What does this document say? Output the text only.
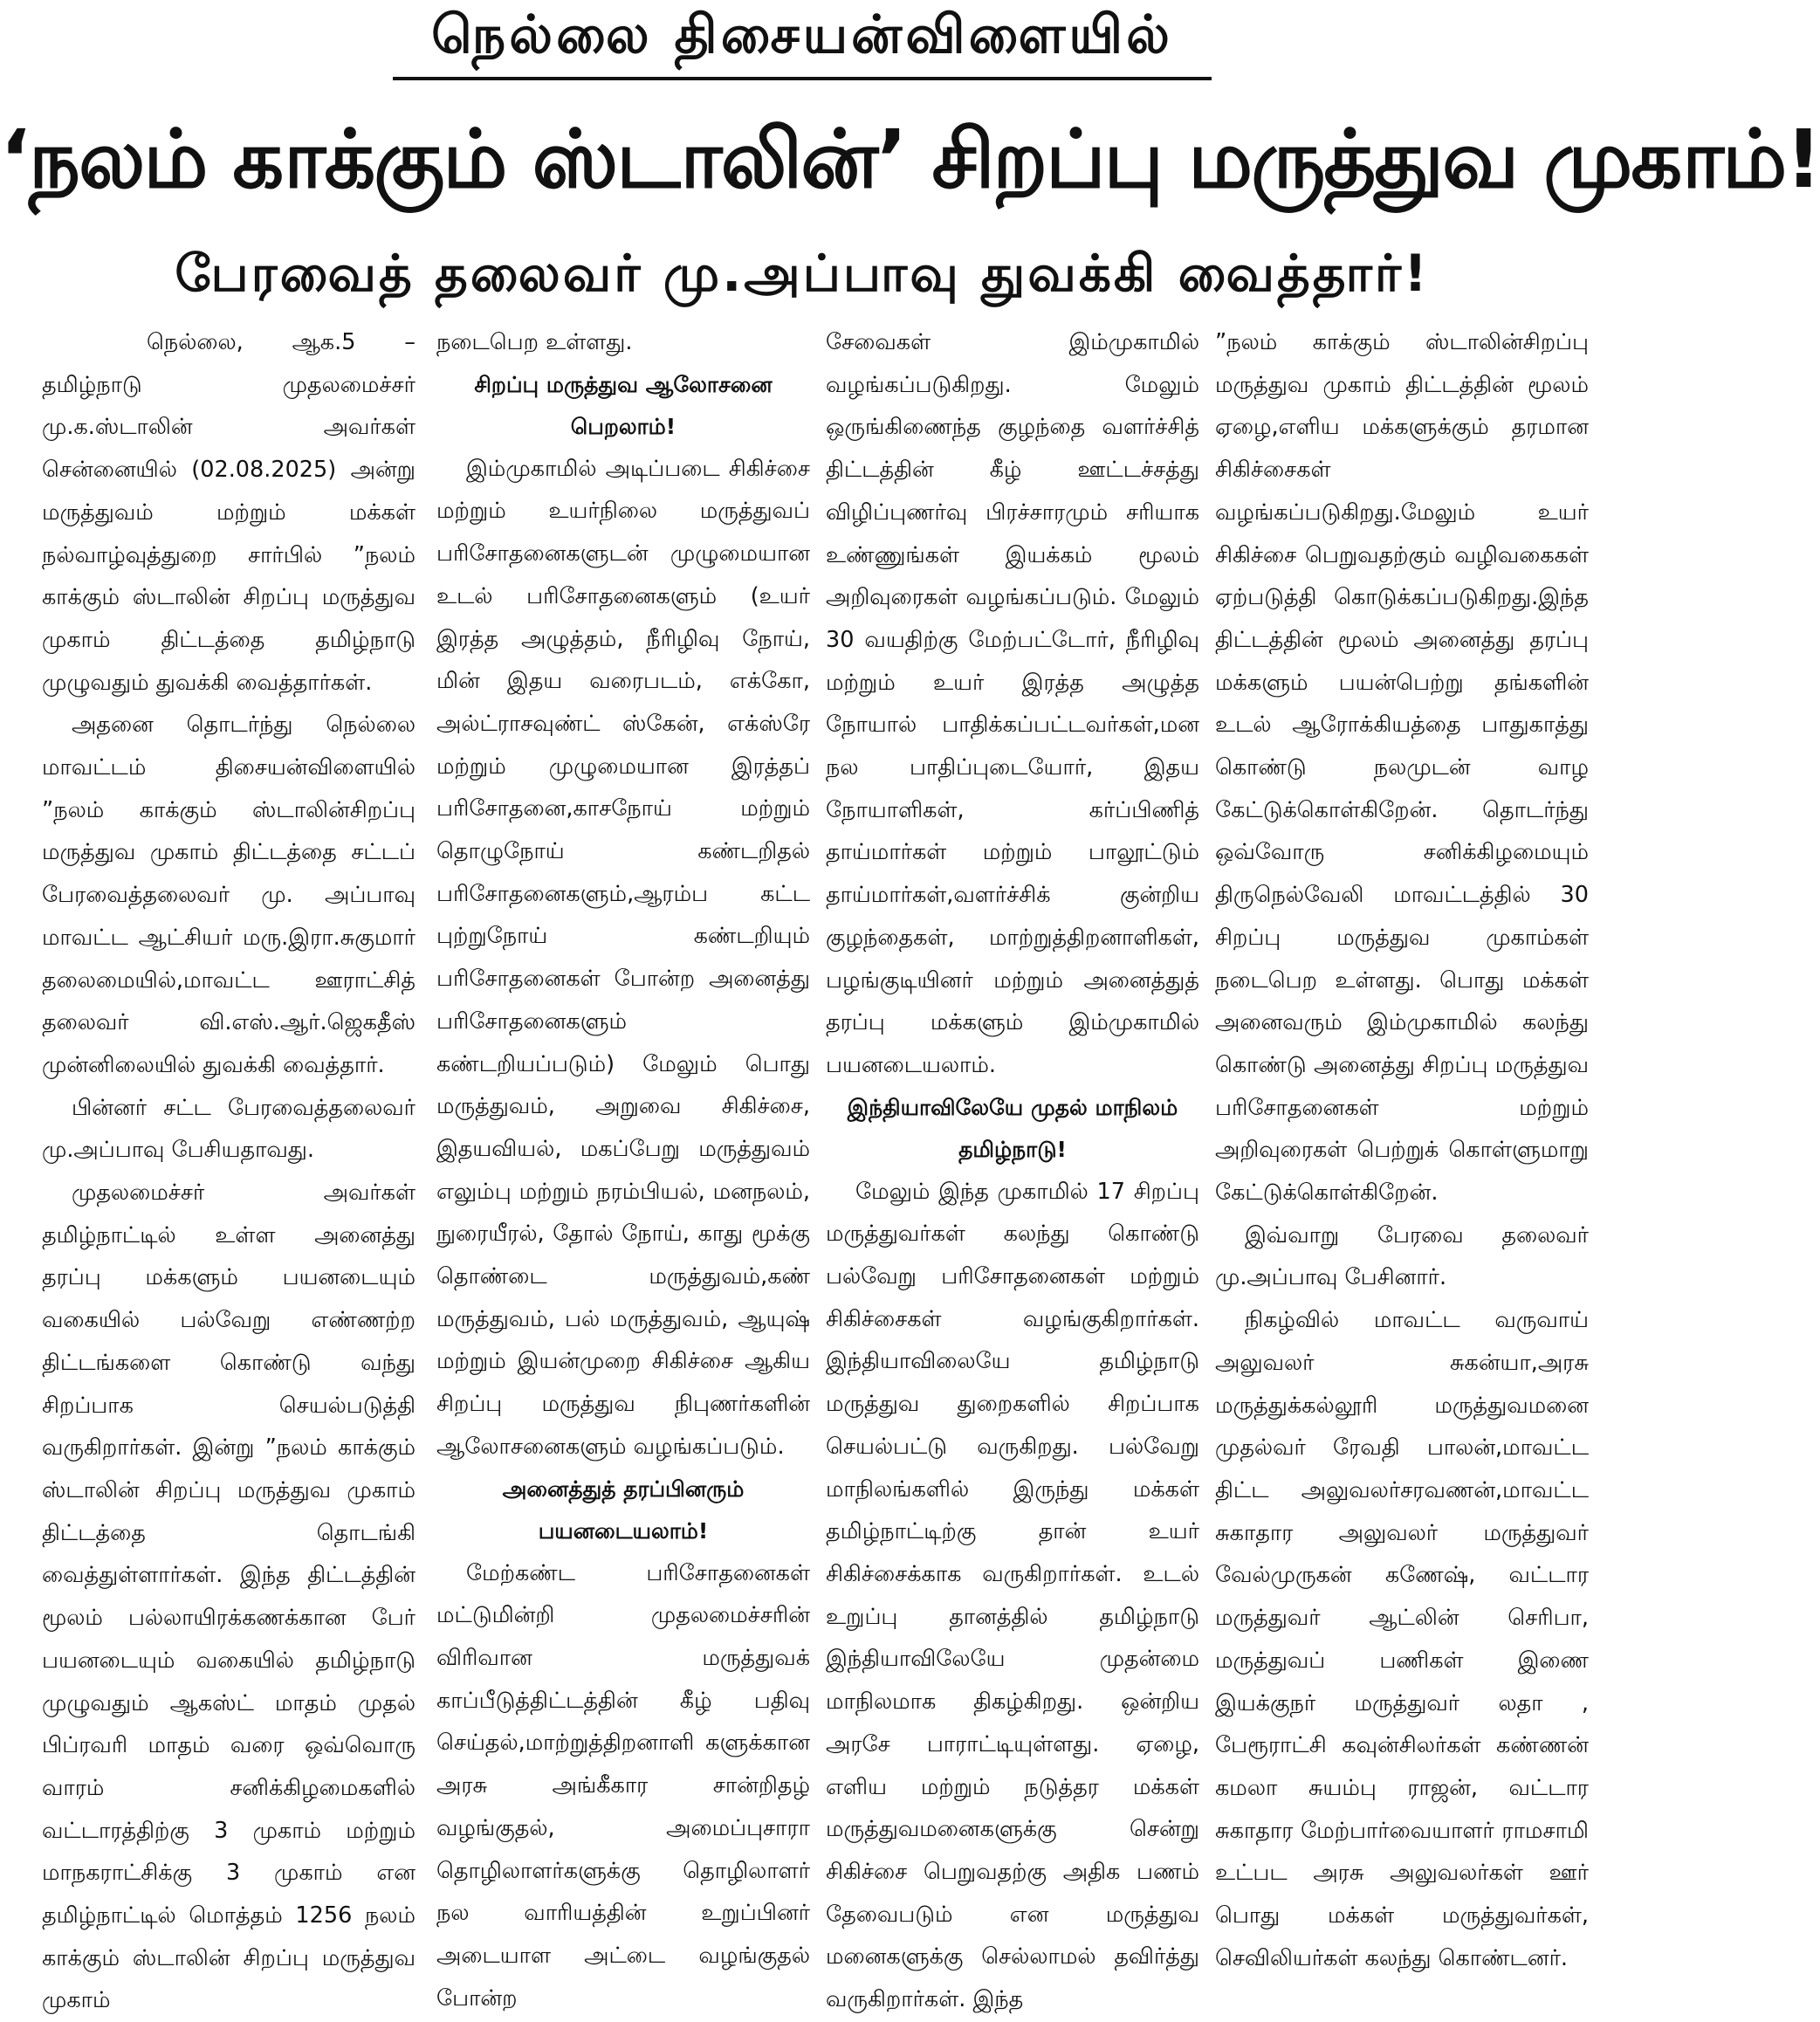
நெல்லை திசையன்விளையில்
‘நலம் காக்கும் ஸ்டாலின்’ சிறப்பு மருத்துவ முகாம்!
பேரவைத் தலைவர் மு.அப்பாவு துவக்கி வைத்தார்!

நெல்லை, ஆக.5 – தமிழ்நாடு முதலமைச்சர் மு.க.ஸ்டாலின் அவர்கள் சென்னையில் (02.08.2025) அன்று மருத்துவம் மற்றும் மக்கள் நல்வாழ்வுத்துறை சார்பில் ”நலம் காக்கும் ஸ்டாலின் சிறப்பு மருத்துவ முகாம் திட்டத்தை தமிழ்நாடு முழுவதும் துவக்கி வைத்தார்கள்.

அதனை தொடர்ந்து நெல்லை மாவட்டம் திசையன்விளையில் ”நலம் காக்கும் ஸ்டாலின்சிறப்பு மருத்துவ முகாம் திட்டத்தை சட்டப் பேரவைத்தலைவர் மு. அப்பாவு மாவட்ட ஆட்சியர் மரு.இரா.சுகுமார் தலைமையில்,மாவட்ட ஊராட்சித் தலைவர் வி.எஸ்.ஆர்.ஜெகதீஸ் முன்னிலையில் துவக்கி வைத்தார்.

பின்னர் சட்ட பேரவைத்தலைவர் மு.அப்பாவு பேசியதாவது.

முதலமைச்சர் அவர்கள் தமிழ்நாட்டில் உள்ள அனைத்து தரப்பு மக்களும் பயனடையும் வகையில் பல்வேறு எண்ணற்ற திட்டங்களை கொண்டு வந்து சிறப்பாக செயல்படுத்தி வருகிறார்கள். இன்று ”நலம் காக்கும் ஸ்டாலின் சிறப்பு மருத்துவ முகாம் திட்டத்தை தொடங்கி வைத்துள்ளார்கள். இந்த திட்டத்தின் மூலம் பல்லாயிரக்கணக்கான பேர் பயனடையும் வகையில் தமிழ்நாடு முழுவதும் ஆகஸ்ட் மாதம் முதல் பிப்ரவரி மாதம் வரை ஒவ்வொரு வாரம் சனிக்கிழமைகளில் வட்டாரத்திற்கு 3 முகாம் மற்றும் மாநகராட்சிக்கு 3 முகாம் என தமிழ்நாட்டில் மொத்தம் 1256 நலம் காக்கும் ஸ்டாலின் சிறப்பு மருத்துவ முகாம்

நடைபெற உள்ளது.

சிறப்பு மருத்துவ ஆலோசனை பெறலாம்!

இம்முகாமில் அடிப்படை சிகிச்சை மற்றும் உயர்நிலை மருத்துவப் பரிசோதனைகளுடன் முழுமையான உடல் பரிசோதனைகளும் (உயர் இரத்த அழுத்தம், நீரிழிவு நோய், மின் இதய வரைபடம், எக்கோ, அல்ட்ராசவுண்ட் ஸ்கேன், எக்ஸ்ரே மற்றும் முழுமையான இரத்தப் பரிசோதனை,காசநோய் மற்றும் தொழுநோய் கண்டறிதல் பரிசோதனைகளும்,ஆரம்ப கட்ட புற்றுநோய் கண்டறியும் பரிசோதனைகள் போன்ற அனைத்து பரிசோதனைகளும் கண்டறியப்படும்) மேலும் பொது மருத்துவம், அறுவை சிகிச்சை, இதயவியல், மகப்பேறு மருத்துவம் எலும்பு மற்றும் நரம்பியல், மனநலம், நுரையீரல், தோல் நோய், காது மூக்கு தொண்டை மருத்துவம்,கண் மருத்துவம், பல் மருத்துவம், ஆயுஷ் மற்றும் இயன்முறை சிகிச்சை ஆகிய சிறப்பு மருத்துவ நிபுணர்களின் ஆலோசனைகளும் வழங்கப்படும்.

அனைத்துத் தரப்பினரும் பயனடையலாம்!

மேற்கண்ட பரிசோதனைகள் மட்டுமின்றி முதலமைச்சரின் விரிவான மருத்துவக் காப்பீடுத்திட்டத்தின் கீழ் பதிவு செய்தல்,மாற்றுத்திறனாளி களுக்கான அரசு அங்கீகார சான்றிதழ் வழங்குதல், அமைப்புசாரா தொழிலாளர்களுக்கு தொழிலாளர் நல வாரியத்தின் உறுப்பினர் அடையாள அட்டை வழங்குதல் போன்ற

சேவைகள் இம்முகாமில் வழங்கப்படுகிறது. மேலும் ஒருங்கிணைந்த குழந்தை வளர்ச்சித் திட்டத்தின் கீழ் ஊட்டச்சத்து விழிப்புணர்வு பிரச்சாரமும் சரியாக உண்ணுங்கள் இயக்கம் மூலம் அறிவுரைகள் வழங்கப்படும். மேலும் 30 வயதிற்கு மேற்பட்டோர், நீரிழிவு மற்றும் உயர் இரத்த அழுத்த நோயால் பாதிக்கப்பட்டவர்கள்,மன நல பாதிப்புடையோர், இதய நோயாளிகள், கர்ப்பிணித் தாய்மார்கள் மற்றும் பாலூட்டும் தாய்மார்கள்,வளர்ச்சிக் குன்றிய குழந்தைகள், மாற்றுத்திறனாளிகள், பழங்குடியினர் மற்றும் அனைத்துத் தரப்பு மக்களும் இம்முகாமில் பயனடையலாம்.

இந்தியாவிலேயே முதல் மாநிலம் தமிழ்நாடு!

மேலும் இந்த முகாமில் 17 சிறப்பு மருத்துவர்கள் கலந்து கொண்டு பல்வேறு பரிசோதனைகள் மற்றும் சிகிச்சைகள் வழங்குகிறார்கள். இந்தியாவிலையே தமிழ்நாடு மருத்துவ துறைகளில் சிறப்பாக செயல்பட்டு வருகிறது. பல்வேறு மாநிலங்களில் இருந்து மக்கள் தமிழ்நாட்டிற்கு தான் உயர் சிகிச்சைக்காக வருகிறார்கள். உடல் உறுப்பு தானத்தில் தமிழ்நாடு இந்தியாவிலேயே முதன்மை மாநிலமாக திகழ்கிறது. ஒன்றிய அரசே பாராட்டியுள்ளது. ஏழை, எளிய மற்றும் நடுத்தர மக்கள் மருத்துவமனைகளுக்கு சென்று சிகிச்சை பெறுவதற்கு அதிக பணம் தேவைபடும் என மருத்துவ மனைகளுக்கு செல்லாமல் தவிர்த்து வருகிறார்கள். இந்த

”நலம் காக்கும் ஸ்டாலின்சிறப்பு மருத்துவ முகாம் திட்டத்தின் மூலம் ஏழை,எளிய மக்களுக்கும் தரமான சிகிச்சைகள் வழங்கப்படுகிறது.மேலும் உயர் சிகிச்சை பெறுவதற்கும் வழிவகைகள் ஏற்படுத்தி கொடுக்கப்படுகிறது.இந்த திட்டத்தின் மூலம் அனைத்து தரப்பு மக்களும் பயன்பெற்று தங்களின் உடல் ஆரோக்கியத்தை பாதுகாத்து கொண்டு நலமுடன் வாழ கேட்டுக்கொள்கிறேன். தொடர்ந்து ஒவ்வோரு சனிக்கிழமையும் திருநெல்வேலி மாவட்டத்தில் 30 சிறப்பு மருத்துவ முகாம்கள் நடைபெற உள்ளது. பொது மக்கள் அனைவரும் இம்முகாமில் கலந்து கொண்டு அனைத்து சிறப்பு மருத்துவ பரிசோதனைகள் மற்றும் அறிவுரைகள் பெற்றுக் கொள்ளுமாறு கேட்டுக்கொள்கிறேன்.

இவ்வாறு பேரவை தலைவர் மு.அப்பாவு பேசினார்.

நிகழ்வில் மாவட்ட வருவாய் அலுவலர் சுகன்யா,அரசு மருத்துக்கல்லூரி மருத்துவமனை முதல்வர் ரேவதி பாலன்,மாவட்ட திட்ட அலுவலர்சரவணன்,மாவட்ட சுகாதார அலுவலர் மருத்துவர் வேல்முருகன் கணேஷ், வட்டார மருத்துவர் ஆட்லின் செரிபா, மருத்துவப் பணிகள் இணை இயக்குநர் மருத்துவர் லதா , பேரூராட்சி கவுன்சிலர்கள் கண்ணன் கமலா சுயம்பு ராஜன், வட்டார சுகாதார மேற்பார்வையாளர் ராமசாமி உட்பட அரசு அலுவலர்கள் ஊர் பொது மக்கள் மருத்துவர்கள், செவிலியர்கள் கலந்து கொண்டனர்.
